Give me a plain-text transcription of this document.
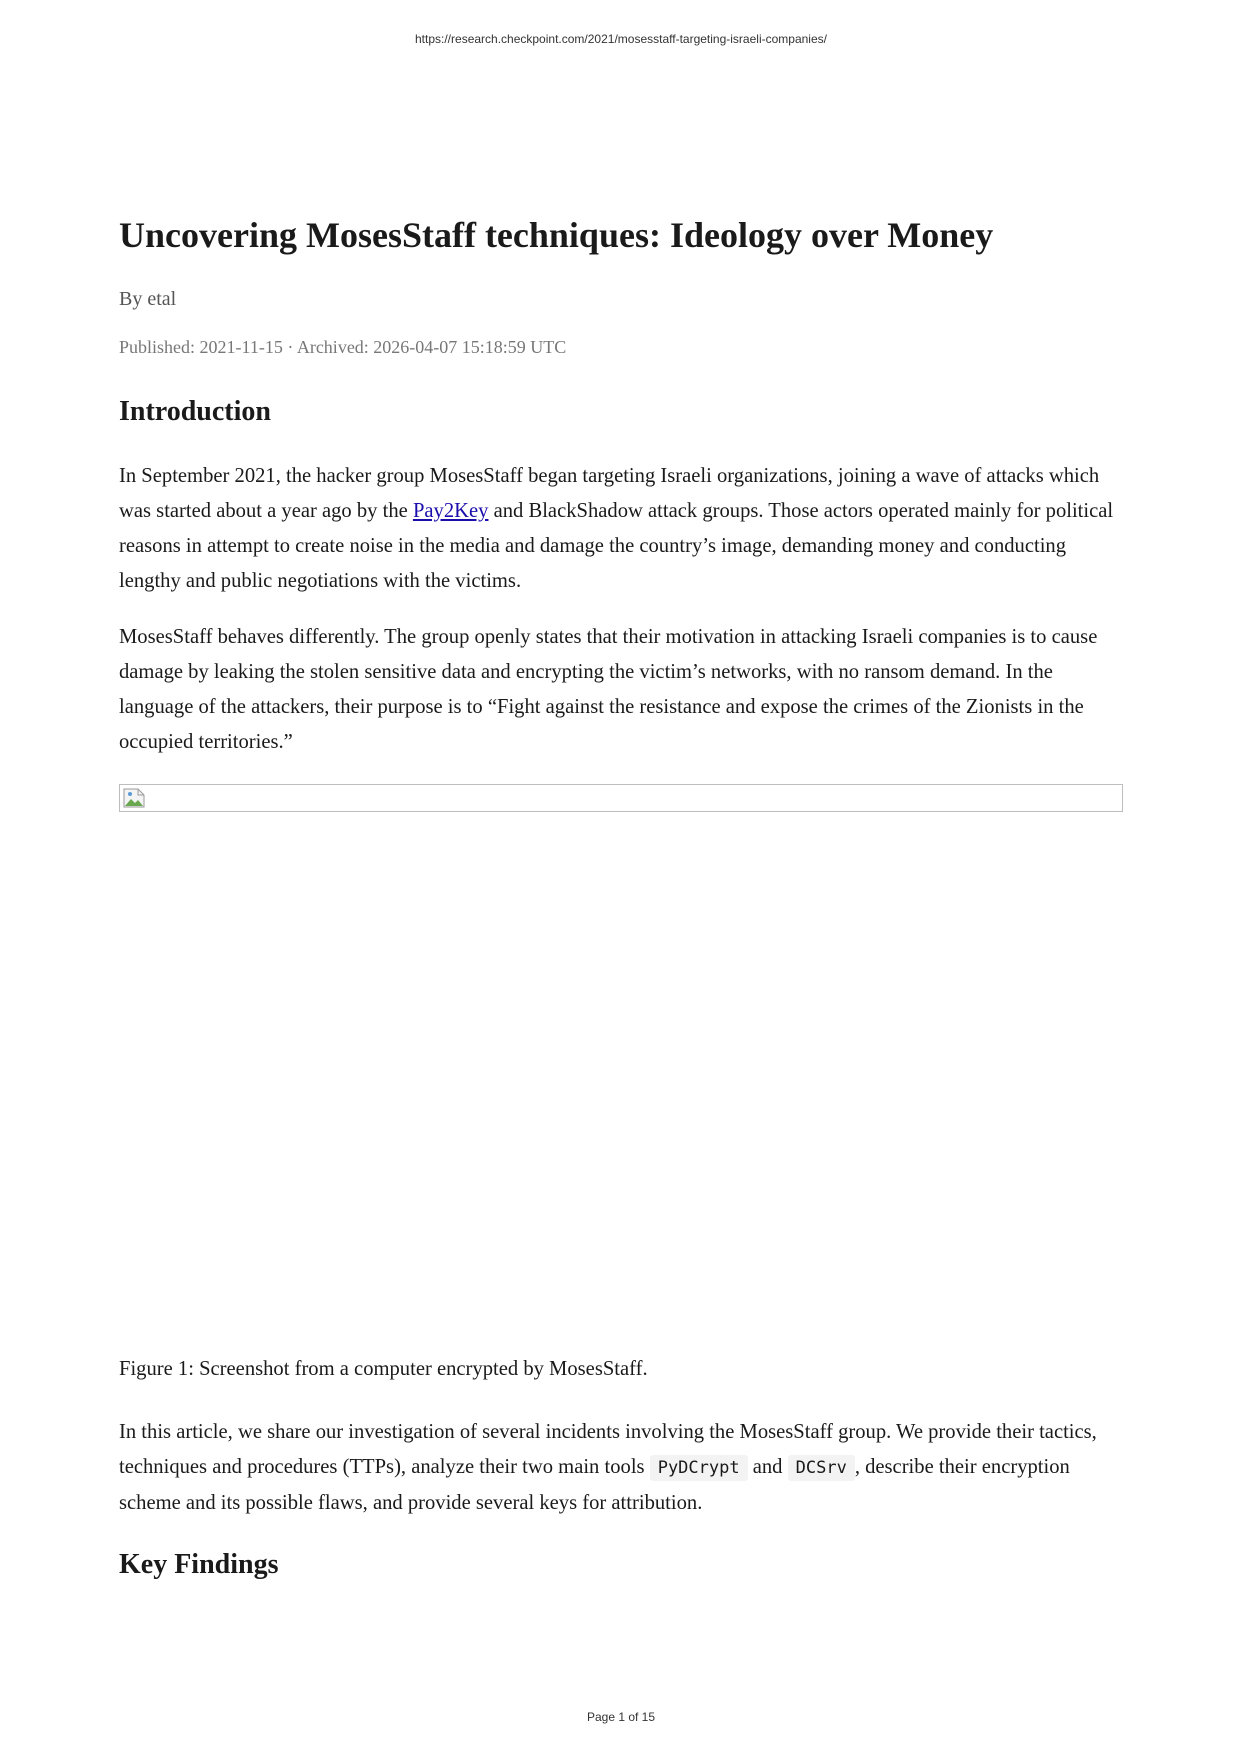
https://research.checkpoint.com/2021/mosesstaff-targeting-israeli-companies/
Uncovering MosesStaff techniques: Ideology over Money
By etal
Published: 2021-11-15 · Archived: 2026-04-07 15:18:59 UTC
Introduction

In September 2021, the hacker group MosesStaff began targeting Israeli organizations, joining a wave of attacks which was started about a year ago by the Pay2Key and BlackShadow attack groups. Those actors operated mainly for political reasons in attempt to create noise in the media and damage the country’s image, demanding money and conducting lengthy and public negotiations with the victims.

MosesStaff behaves differently. The group openly states that their motivation in attacking Israeli companies is to cause damage by leaking the stolen sensitive data and encrypting the victim’s networks, with no ransom demand. In the language of the attackers, their purpose is to “Fight against the resistance and expose the crimes of the Zionists in the occupied territories.”

Figure 1: Screenshot from a computer encrypted by MosesStaff.

In this article, we share our investigation of several incidents involving the MosesStaff group. We provide their tactics, techniques and procedures (TTPs), analyze their two main tools PyDCrypt and DCSrv , describe their encryption scheme and its possible flaws, and provide several keys for attribution.

Key Findings
Page 1 of 15
